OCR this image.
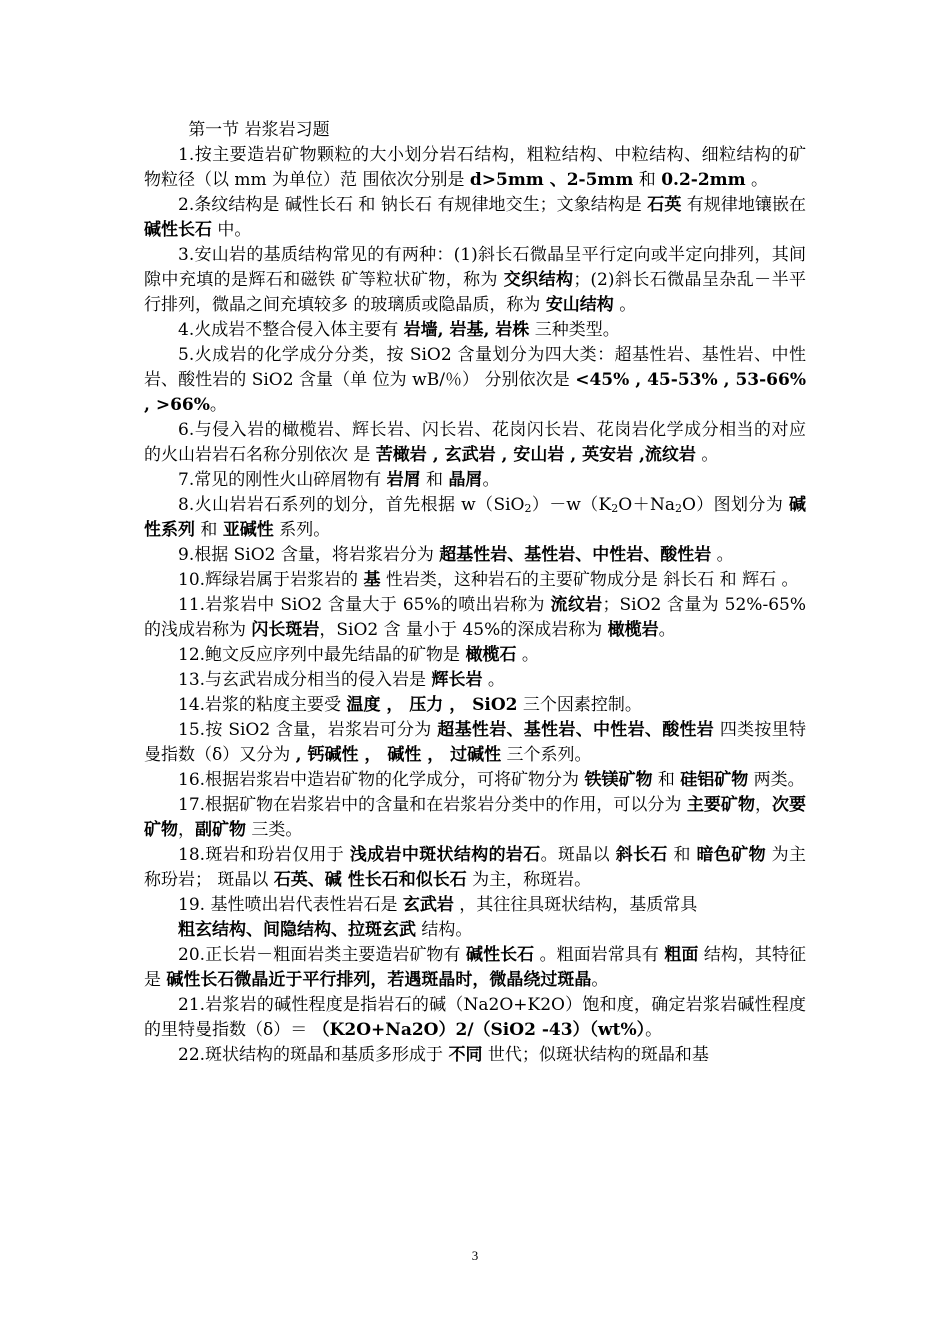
第一节 岩浆岩习题

1.按主要造岩矿物颗粒的大小划分岩石结构，粗粒结构、中粒结构、细粒结构的矿物粒径（以 mm 为单位）范 围依次分别是 d>5mm 、2-5mm 和 0.2-2mm 。

2.条纹结构是 碱性长石 和 钠长石 有规律地交生；文象结构是 石英 有规律地镶嵌在 碱性长石 中。

3.安山岩的基质结构常见的有两种：(1)斜长石微晶呈平行定向或半定向排列，其间隙中充填的是辉石和磁铁 矿等粒状矿物，称为 交织结构；(2)斜长石微晶呈杂乱－半平行排列，微晶之间充填较多 的玻璃质或隐晶质，称为 安山结构 。

4.火成岩不整合侵入体主要有 岩墙, 岩基, 岩株 三种类型。

5.火成岩的化学成分分类，按 SiO2 含量划分为四大类：超基性岩、基性岩、中性岩、酸性岩的 SiO2 含量（单 位为 wB/％） 分别依次是 <45% , 45-53% , 53-66% , >66%。

6.与侵入岩的橄榄岩、辉长岩、闪长岩、花岗闪长岩、花岗岩化学成分相当的对应的火山岩岩石名称分别依次 是 苦橄岩 , 玄武岩 , 安山岩 , 英安岩 ,流纹岩 。

7.常见的刚性火山碎屑物有 岩屑 和 晶屑。

8.火山岩岩石系列的划分，首先根据 $w(SiO_2)-w(K_2O+Na_2O)$图划分为 碱性系列 和 亚碱性 系列。

9.根据 SiO2 含量，将岩浆岩分为 超基性岩、基性岩、中性岩、酸性岩 。

10.辉绿岩属于岩浆岩的 基 性岩类，这种岩石的主要矿物成分是 斜长石 和 辉石 。

11.岩浆岩中 SiO2 含量大于 65%的喷出岩称为 流纹岩；SiO2 含量为 52%-65%的浅成岩称为 闪长斑岩，SiO2 含 量小于 45%的深成岩称为 橄榄岩。

12.鲍文反应序列中最先结晶的矿物是 橄榄石 。

13.与玄武岩成分相当的侵入岩是 辉长岩 。

14.岩浆的粘度主要受 温度 ， 压力 ， SiO2 三个因素控制。

15.按 SiO2 含量，岩浆岩可分为 超基性岩、基性岩、中性岩、酸性岩 四类按里特曼指数（δ）又分为 , 钙碱性 ， 碱性 ， 过碱性 三个系列。

16.根据岩浆岩中造岩矿物的化学成分，可将矿物分为 铁镁矿物 和 硅铝矿物 两类。

17.根据矿物在岩浆岩中的含量和在岩浆岩分类中的作用，可以分为 主要矿物，次要矿物，副矿物 三类。

18.斑岩和玢岩仅用于 浅成岩中斑状结构的岩石。斑晶以 斜长石 和 暗色矿物 为主称玢岩； 斑晶以 石英、碱 性长石和似长石 为主，称斑岩。

19. 基性喷出岩代表性岩石是 玄武岩 ，其往往具斑状结构，基质常具

粗玄结构、间隐结构、拉斑玄武 结构。

20.正长岩－粗面岩类主要造岩矿物有 碱性长石 。粗面岩常具有 粗面 结构，其特征是 碱性长石微晶近于平行排列，若遇斑晶时，微晶绕过斑晶。

21.岩浆岩的碱性程度是指岩石的碱（Na2O+K2O）饱和度，确定岩浆岩碱性程度的里特曼指数（δ）＝ （K2O+Na2O）2/（SiO2 -43）（wt%）。

22.斑状结构的斑晶和基质多形成于 不同 世代；似斑状结构的斑晶和基

3
